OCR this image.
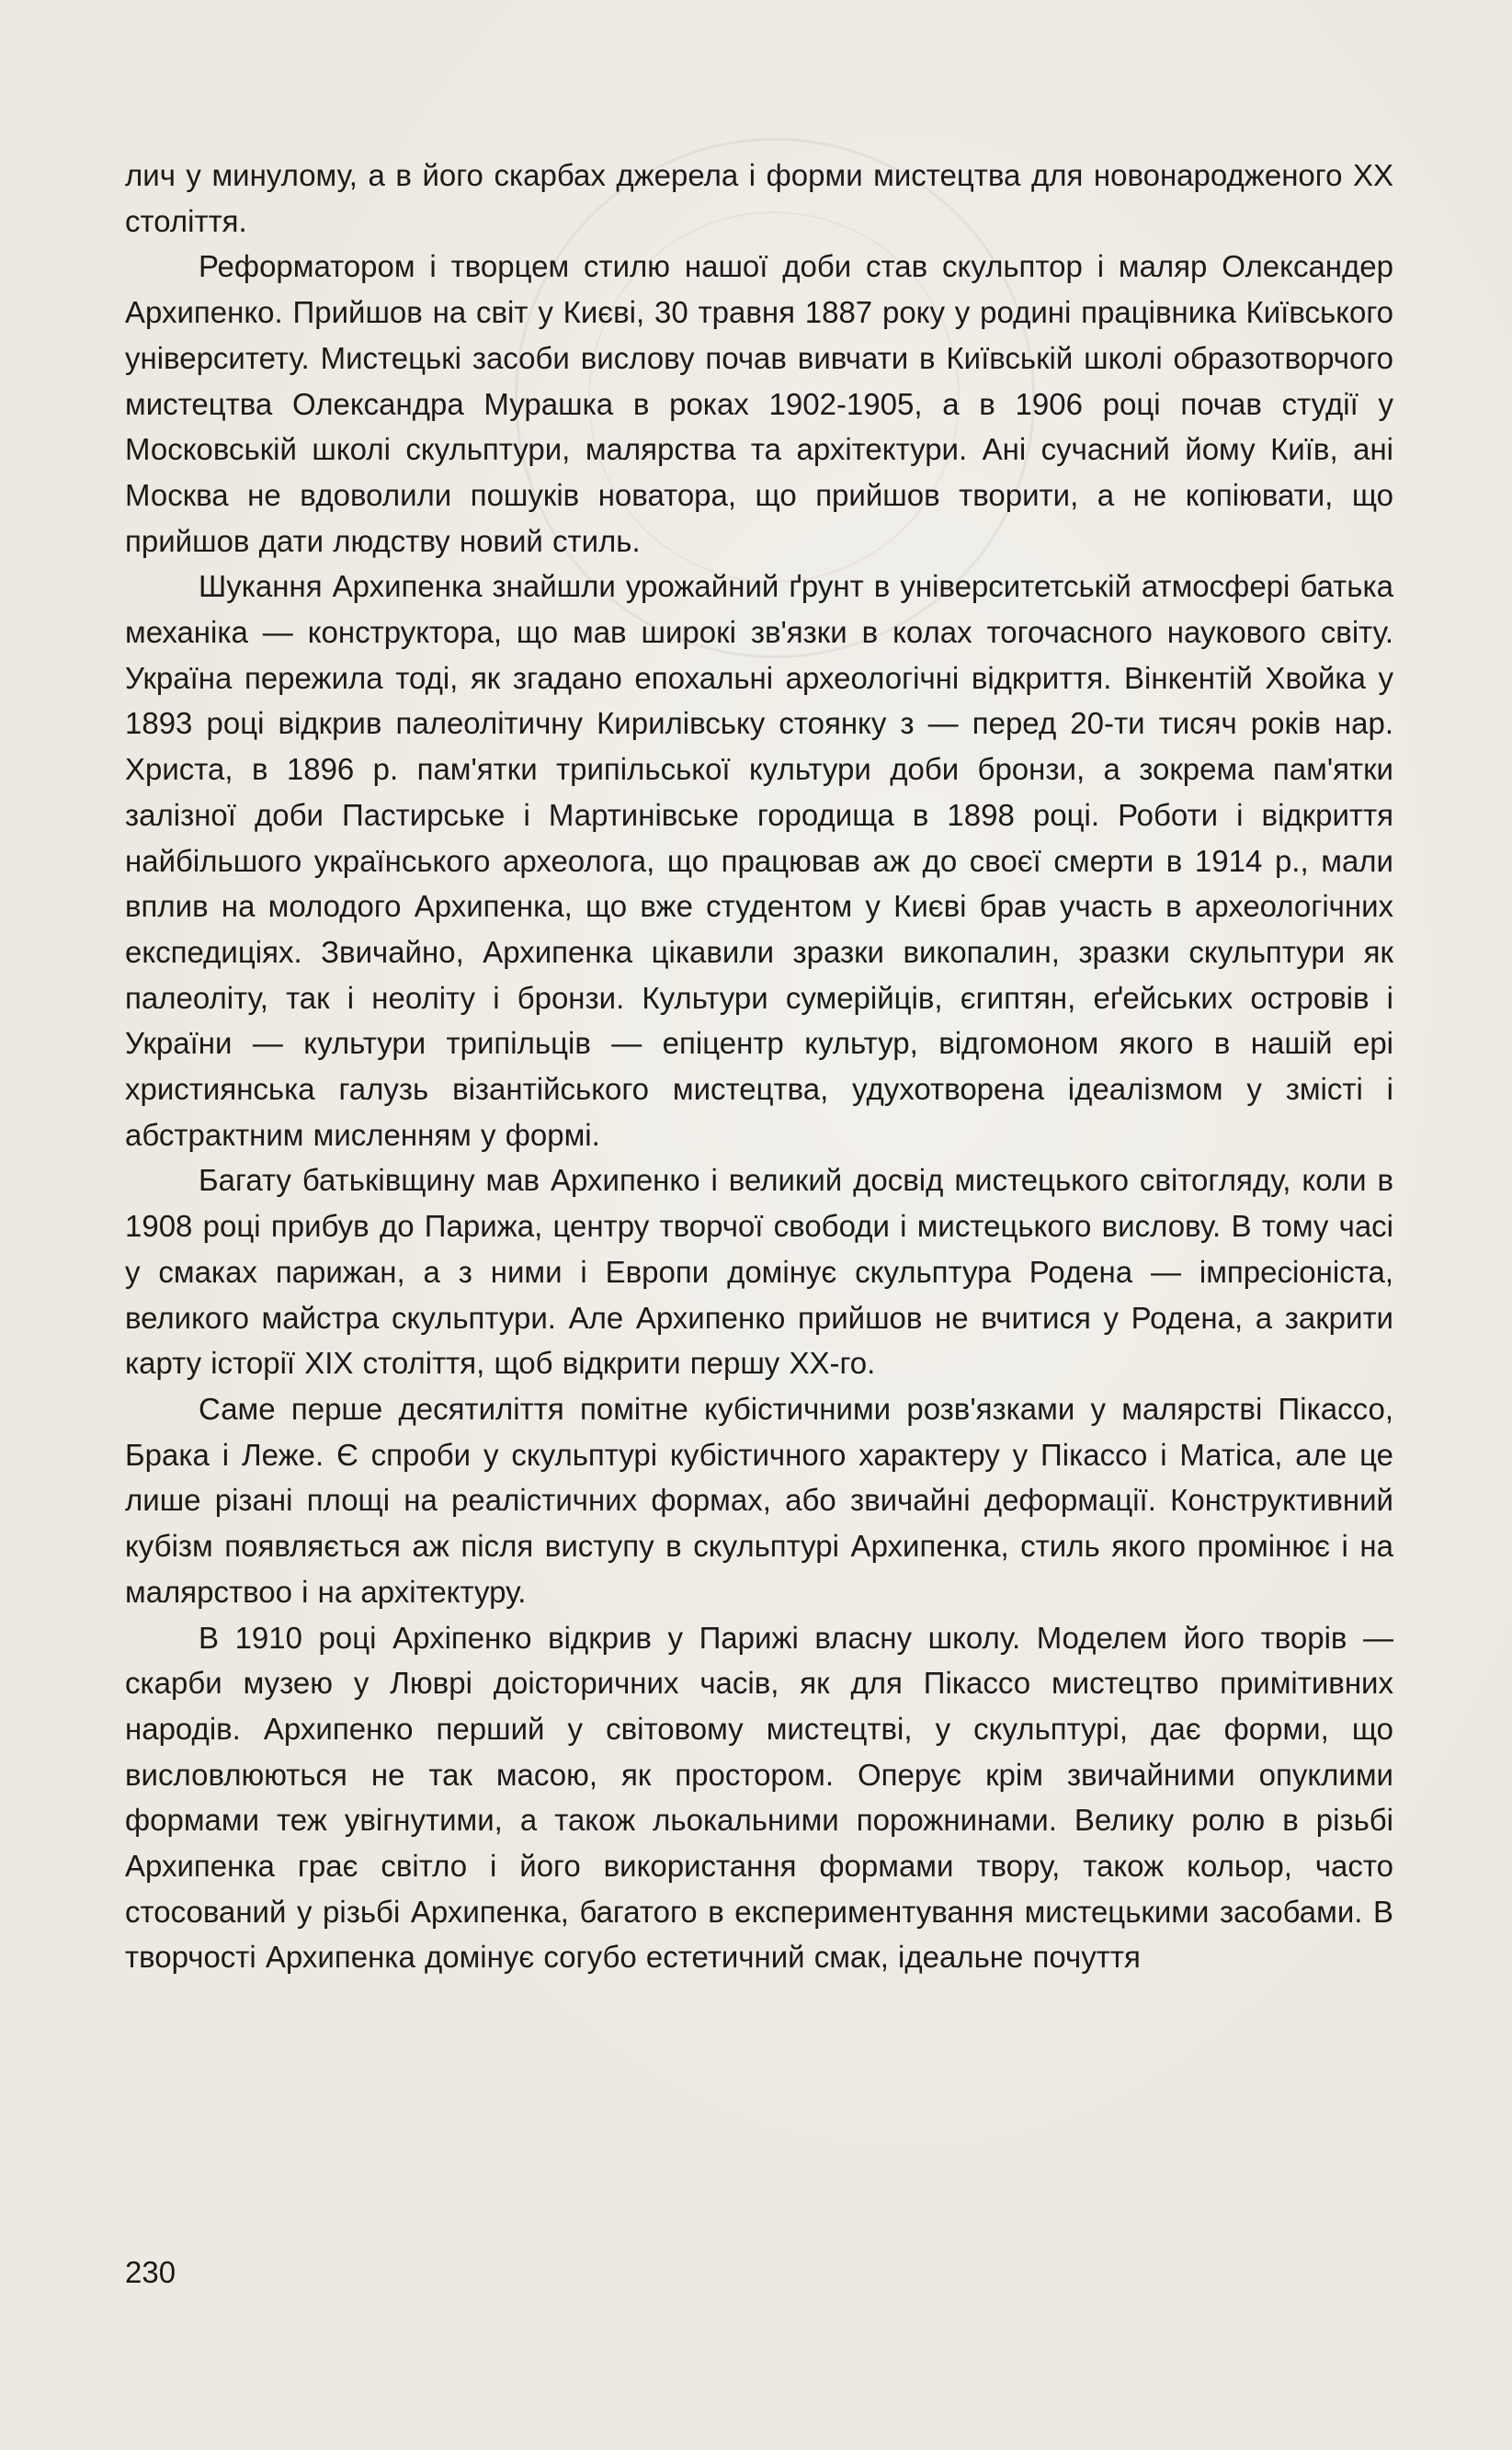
лич у минулому, а в його скарбах джерела і форми мистецтва для новонародженого XX століття.

Реформатором і творцем стилю нашої доби став скульптор і маляр Олександер Архипенко. Прийшов на світ у Києві, 30 травня 1887 року у родині працівника Київського університету. Мистецькі засоби вислову почав вивчати в Київській школі образотворчого мистецтва Олександра Мурашка в роках 1902-1905, а в 1906 році почав студії у Московській школі скульптури, малярства та архітектури. Ані сучасний йому Київ, ані Москва не вдоволили пошуків новатора, що прийшов творити, а не копіювати, що прийшов дати людству новий стиль.

Шукання Архипенка знайшли урожайний ґрунт в університетській атмосфері батька механіка — конструктора, що мав широкі зв'язки в колах тогочасного наукового світу. Україна пережила тоді, як згадано епохальні археологічні відкриття. Вінкентій Хвойка у 1893 році відкрив палеолітичну Кирилівську стоянку з — перед 20-ти тисяч років нар. Христа, в 1896 р. пам'ятки трипільської культури доби бронзи, а зокрема пам'ятки залізної доби Пастирське і Мартинівське городища в 1898 році. Роботи і відкриття найбільшого українського археолога, що працював аж до своєї смерти в 1914 р., мали вплив на молодого Архипенка, що вже студентом у Києві брав участь в археологічних експедиціях. Звичайно, Архипенка цікавили зразки викопалин, зразки скульптури як палеоліту, так і неоліту і бронзи. Культури сумерійців, єгиптян, еґейських островів і України — культури трипільців — епіцентр культур, відгомоном якого в нашій ері християнська галузь візантійського мистецтва, удухотворена ідеалізмом у змісті і абстрактним мисленням у формі.

Багату батьківщину мав Архипенко і великий досвід мистецького світогляду, коли в 1908 році прибув до Парижа, центру творчої свободи і мистецького вислову. В тому часі у смаках парижан, а з ними і Европи домінує скульптура Родена — імпресіоніста, великого майстра скульптури. Але Архипенко прийшов не вчитися у Родена, а закрити карту історії XIX століття, щоб відкрити першу XX-го.

Саме перше десятиліття помітне кубістичними розв'язками у малярстві Пікассо, Брака і Леже. Є спроби у скульптурі кубістичного характеру у Пікассо і Матіса, але це лише різані площі на реалістичних формах, або звичайні деформації. Конструктивний кубізм появляється аж після виступу в скульптурі Архипенка, стиль якого промінює і на малярствоо і на архітектуру.

В 1910 році Архіпенко відкрив у Парижі власну школу. Моделем його творів — скарби музею у Люврі доісторичних часів, як для Пікассо мистецтво примітивних народів. Архипенко перший у світовому мистецтві, у скульптурі, дає форми, що висловлюються не так масою, як простором. Оперує крім звичайними опуклими формами теж увігнутими, а також льокальними порожнинами. Велику ролю в різьбі Архипенка грає світло і його використання формами твору, також кольор, часто стосований у різьбі Архипенка, багатого в експериментування мистецькими засобами. В творчості Архипенка домінує согубо естетичний смак, ідеальне почуття

230
